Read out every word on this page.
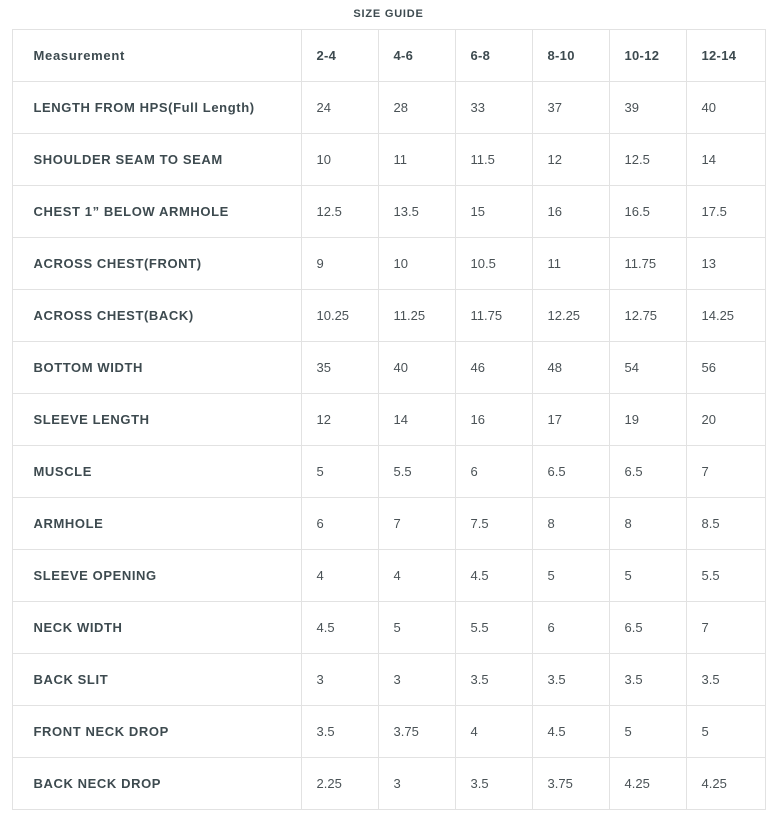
SIZE GUIDE
Measurement	2-4	4-6	6-8	8-10	10-12	12-14
LENGTH FROM HPS(Full Length)	24	28	33	37	39	40
SHOULDER SEAM TO SEAM	10	11	11.5	12	12.5	14
CHEST 1” BELOW ARMHOLE	12.5	13.5	15	16	16.5	17.5
ACROSS CHEST(FRONT)	9	10	10.5	11	11.75	13
ACROSS CHEST(BACK)	10.25	11.25	11.75	12.25	12.75	14.25
BOTTOM WIDTH	35	40	46	48	54	56
SLEEVE LENGTH	12	14	16	17	19	20
MUSCLE	5	5.5	6	6.5	6.5	7
ARMHOLE	6	7	7.5	8	8	8.5
SLEEVE OPENING	4	4	4.5	5	5	5.5
NECK WIDTH	4.5	5	5.5	6	6.5	7
BACK SLIT	3	3	3.5	3.5	3.5	3.5
FRONT NECK DROP	3.5	3.75	4	4.5	5	5
BACK NECK DROP	2.25	3	3.5	3.75	4.25	4.25
